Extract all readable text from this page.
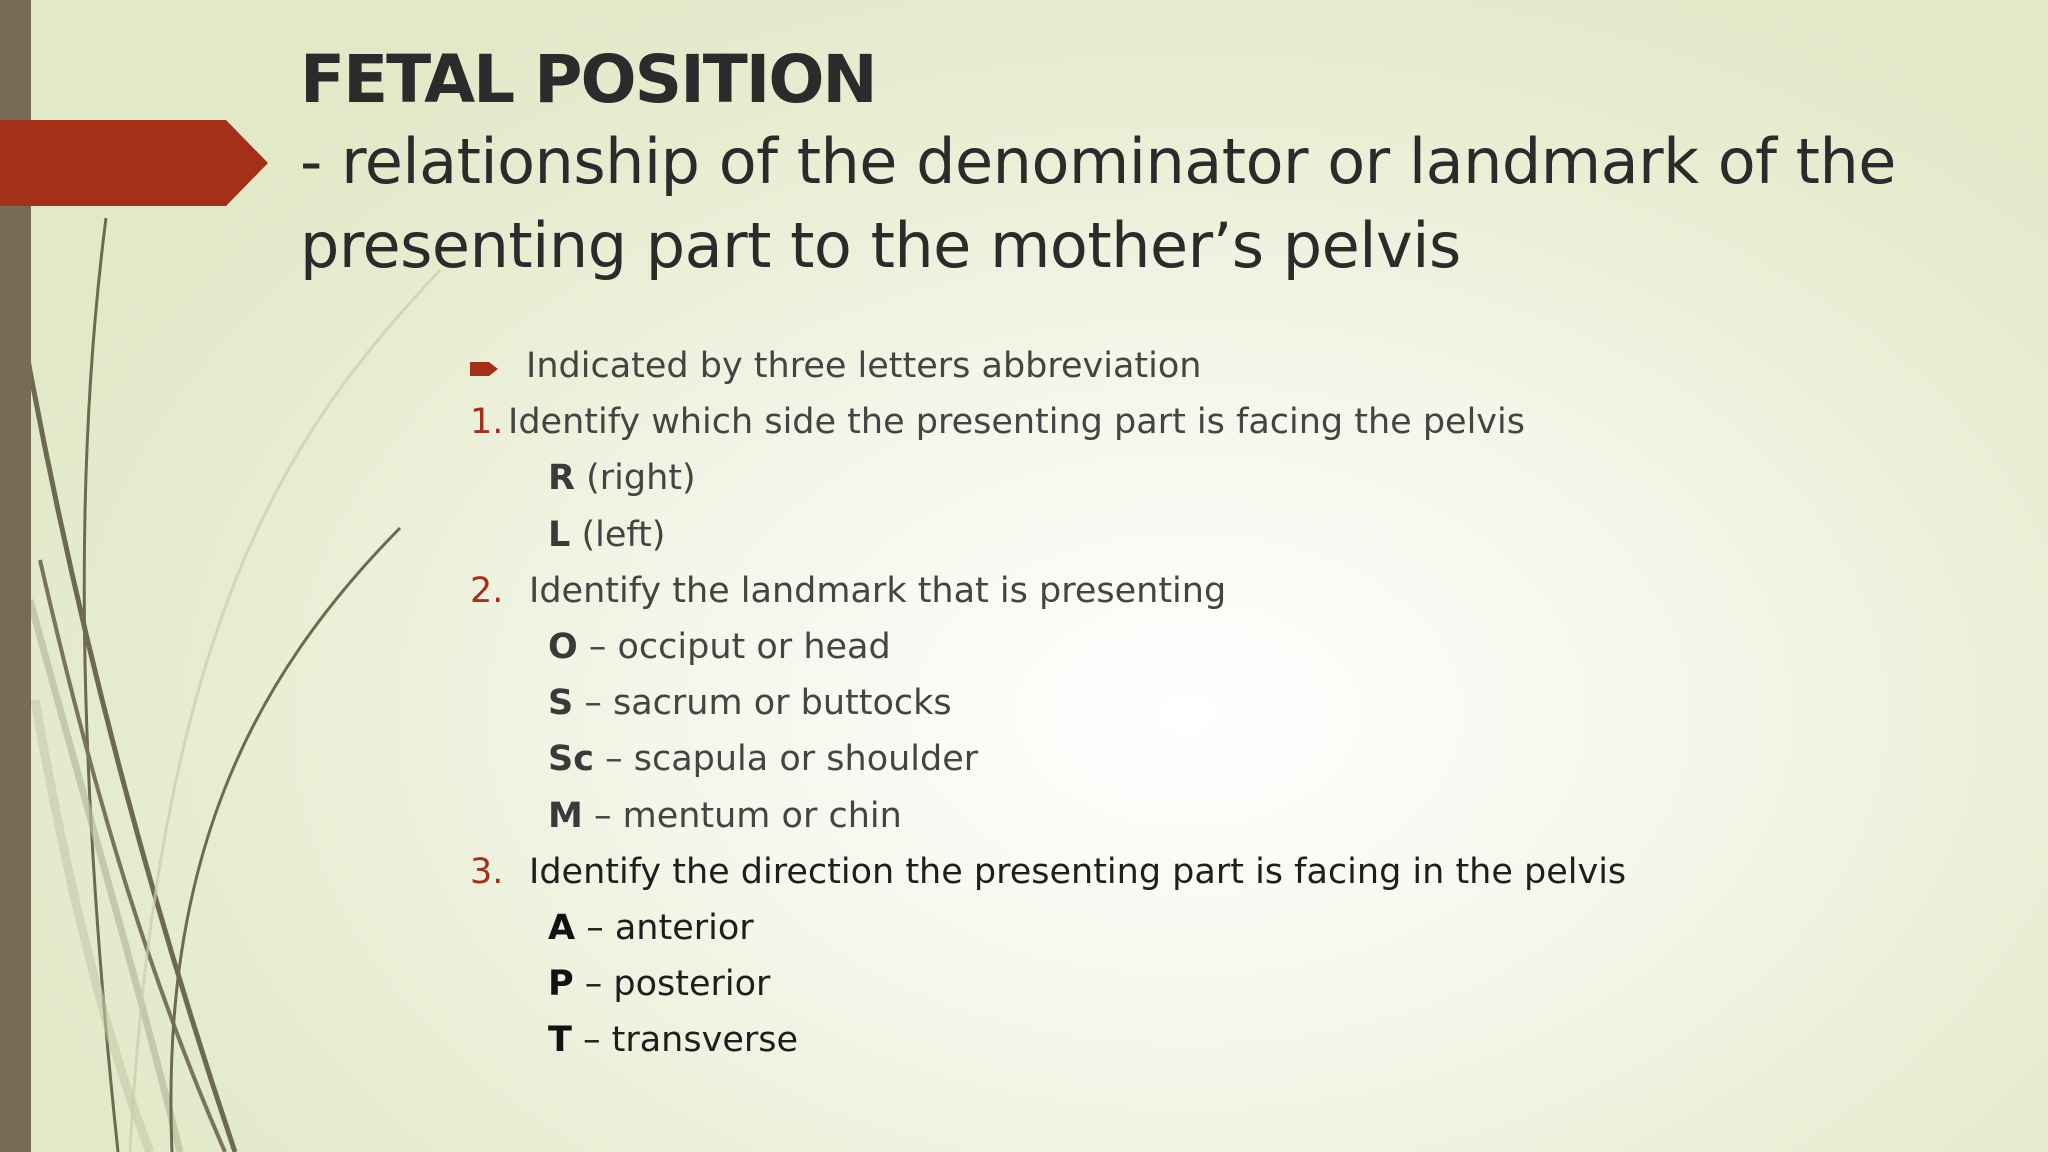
FETAL POSITION

- relationship of the denominator or landmark of the presenting part to the mother’s pelvis

Indicated by three letters abbreviation
1. Identify which side the presenting part is facing the pelvis
R (right)
L (left)
2. Identify the landmark that is presenting
O – occiput or head
S – sacrum or buttocks
Sc – scapula or shoulder
M – mentum or chin
3. Identify the direction the presenting part is facing in the pelvis
A – anterior
P – posterior
T – transverse
